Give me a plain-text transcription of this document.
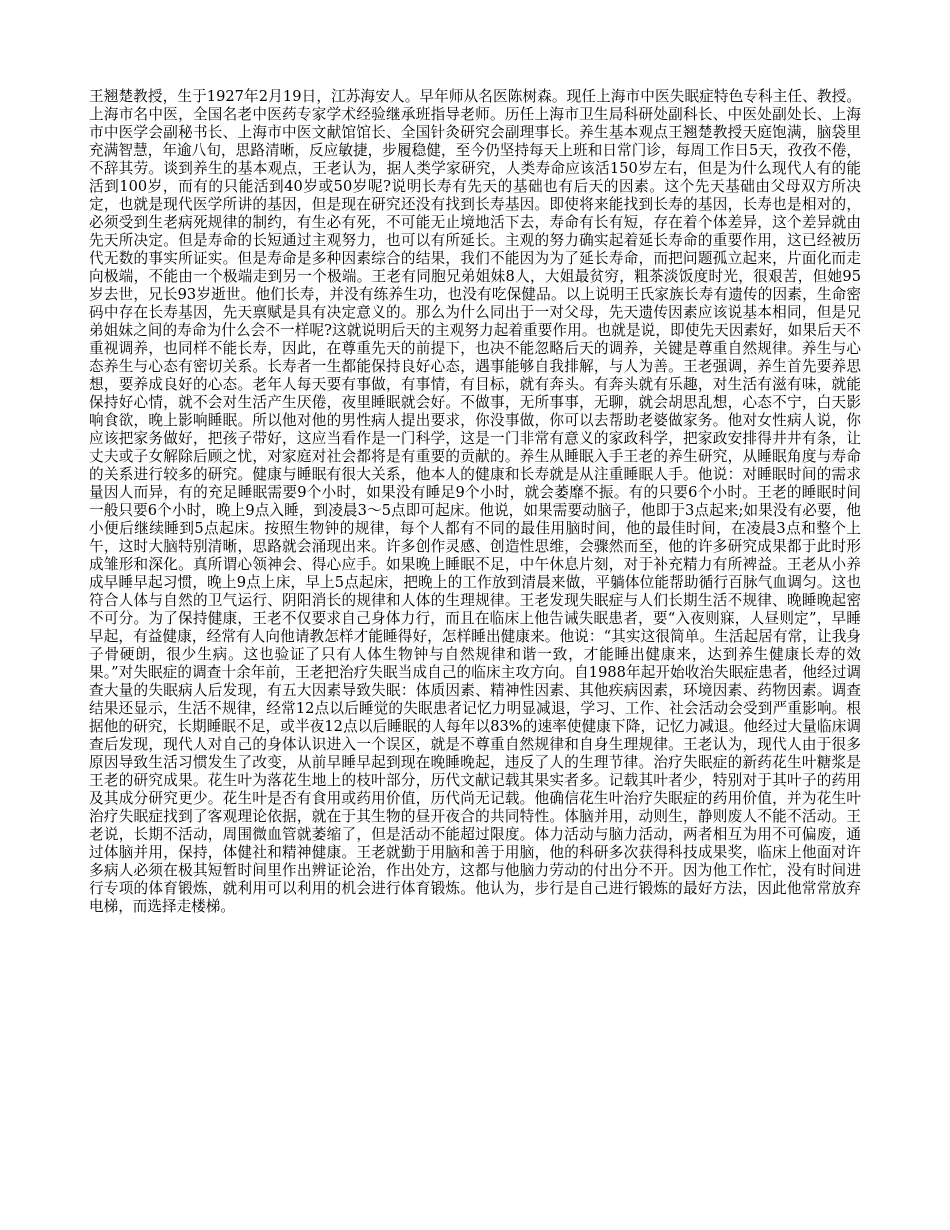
王翘楚教授，生于1927年2月19日，江苏海安人。早年师从名医陈树森。现任上海市中医失眠症特色专科主任、教授。上海市名中医，全国名老中医药专家学术经验继承班指导老师。历任上海市卫生局科研处副科长、中医处副处长、上海市中医学会副秘书长、上海市中医文献馆馆长、全国针灸研究会副理事长。养生基本观点王翘楚教授天庭饱满，脑袋里充满智慧，年逾八旬，思路清晰，反应敏捷，步履稳健，至今仍坚持每天上班和日常门诊，每周工作日5天，孜孜不倦，不辞其劳。谈到养生的基本观点，王老认为，据人类学家研究，人类寿命应该活150岁左右，但是为什么现代人有的能活到100岁，而有的只能活到40岁或50岁呢?说明长寿有先天的基础也有后天的因素。这个先天基础由父母双方所决定，也就是现代医学所讲的基因，但是现在研究还没有找到长寿基因。即使将来能找到长寿的基因，长寿也是相对的，必须受到生老病死规律的制约，有生必有死，不可能无止境地活下去，寿命有长有短，存在着个体差异，这个差异就由先天所决定。但是寿命的长短通过主观努力，也可以有所延长。主观的努力确实起着延长寿命的重要作用，这已经被历代无数的事实所证实。但是寿命是多种因素综合的结果，我们不能因为为了延长寿命，而把问题孤立起来，片面化而走向极端，不能由一个极端走到另一个极端。王老有同胞兄弟姐妹8人，大姐最贫穷，粗茶淡饭度时光，很艰苦，但她95岁去世，兄长93岁逝世。他们长寿，并没有练养生功，也没有吃保健品。以上说明王氏家族长寿有遗传的因素，生命密码中存在长寿基因，先天禀赋是具有决定意义的。那么为什么同出于一对父母，先天遗传因素应该说基本相同，但是兄弟姐妹之间的寿命为什么会不一样呢?这就说明后天的主观努力起着重要作用。也就是说，即使先天因素好，如果后天不重视调养，也同样不能长寿，因此，在尊重先天的前提下，也决不能忽略后天的调养，关键是尊重自然规律。养生与心态养生与心态有密切关系。长寿者一生都能保持良好心态，遇事能够自我排解，与人为善。王老强调，养生首先要养思想，要养成良好的心态。老年人每天要有事做，有事情，有目标，就有奔头。有奔头就有乐趣，对生活有滋有味，就能保持好心情，就不会对生活产生厌倦，夜里睡眠就会好。不做事，无所事事，无聊，就会胡思乱想，心态不宁，白天影响食欲，晚上影响睡眠。所以他对他的男性病人提出要求，你没事做，你可以去帮助老婆做家务。他对女性病人说，你应该把家务做好，把孩子带好，这应当看作是一门科学，这是一门非常有意义的家政科学，把家政安排得井井有条，让丈夫或子女解除后顾之忧，对家庭对社会都将是有重要的贡献的。养生从睡眠入手王老的养生研究，从睡眠角度与寿命的关系进行较多的研究。健康与睡眠有很大关系，他本人的健康和长寿就是从注重睡眠人手。他说：对睡眠时间的需求量因人而异，有的充足睡眠需要9个小时，如果没有睡足9个小时，就会萎靡不振。有的只要6个小时。王老的睡眠时间一般只要6个小时，晚上9点入睡，到凌晨3～5点即可起床。他说，如果需要动脑子，他即于3点起来;如果没有必要，他小便后继续睡到5点起床。按照生物钟的规律，每个人都有不同的最佳用脑时间，他的最佳时间，在凌晨3点和整个上午，这时大脑特别清晰，思路就会涌现出来。许多创作灵感、创造性思维，会骤然而至，他的许多研究成果都于此时形成雏形和深化。真所谓心领神会、得心应手。如果晚上睡眠不足，中午休息片刻，对于补充精力有所裨益。王老从小养成早睡早起习惯，晚上9点上床，早上5点起床，把晚上的工作放到清晨来做，平躺体位能帮助循行百脉气血调匀。这也符合人体与自然的卫气运行、阴阳消长的规律和人体的生理规律。王老发现失眠症与人们长期生活不规律、晚睡晚起密不可分。为了保持健康，王老不仅要求自己身体力行，而且在临床上他告诫失眠患者，要“入夜则寐，人昼则定”，早睡早起，有益健康，经常有人向他请教怎样才能睡得好，怎样睡出健康来。他说：“其实这很简单。生活起居有常，让我身子骨硬朗，很少生病。这也验证了只有人体生物钟与自然规律和谐一致，才能睡出健康来，达到养生健康长寿的效果。”对失眠症的调查十余年前，王老把治疗失眠当成自己的临床主攻方向。自1988年起开始收治失眠症患者，他经过调查大量的失眠病人后发现，有五大因素导致失眠：体质因素、精神性因素、其他疾病因素，环境因素、药物因素。调查结果还显示，生活不规律，经常12点以后睡觉的失眠患者记忆力明显减退，学习、工作、社会活动会受到严重影响。根据他的研究，长期睡眠不足，或半夜12点以后睡眠的人每年以83%的速率使健康下降，记忆力减退。他经过大量临床调查后发现，现代人对自己的身体认识进入一个误区，就是不尊重自然规律和自身生理规律。王老认为，现代人由于很多原因导致生活习惯发生了改变，从前早睡早起到现在晚睡晚起，违反了人的生理节律。治疗失眠症的新药花生叶糖浆是王老的研究成果。花生叶为落花生地上的枝叶部分，历代文献记载其果实者多。记载其叶者少，特别对于其叶子的药用及其成分研究更少。花生叶是否有食用或药用价值，历代尚无记载。他确信花生叶治疗失眠症的药用价值，并为花生叶治疗失眠症找到了客观理论依据，就在于其生物的昼开夜合的共同特性。体脑并用，动则生，静则废人不能不活动。王老说，长期不活动，周围微血管就萎缩了，但是活动不能超过限度。体力活动与脑力活动，两者相互为用不可偏废，通过体脑并用，保持，体健社和精神健康。王老就勤于用脑和善于用脑，他的科研多次获得科技成果奖，临床上他面对许多病人必须在极其短暂时间里作出辨证论治，作出处方，这都与他脑力劳动的付出分不开。因为他工作忙，没有时间进行专项的体育锻炼，就利用可以利用的机会进行体育锻炼。他认为，步行是自己进行锻炼的最好方法，因此他常常放弃电梯，而选择走楼梯。
